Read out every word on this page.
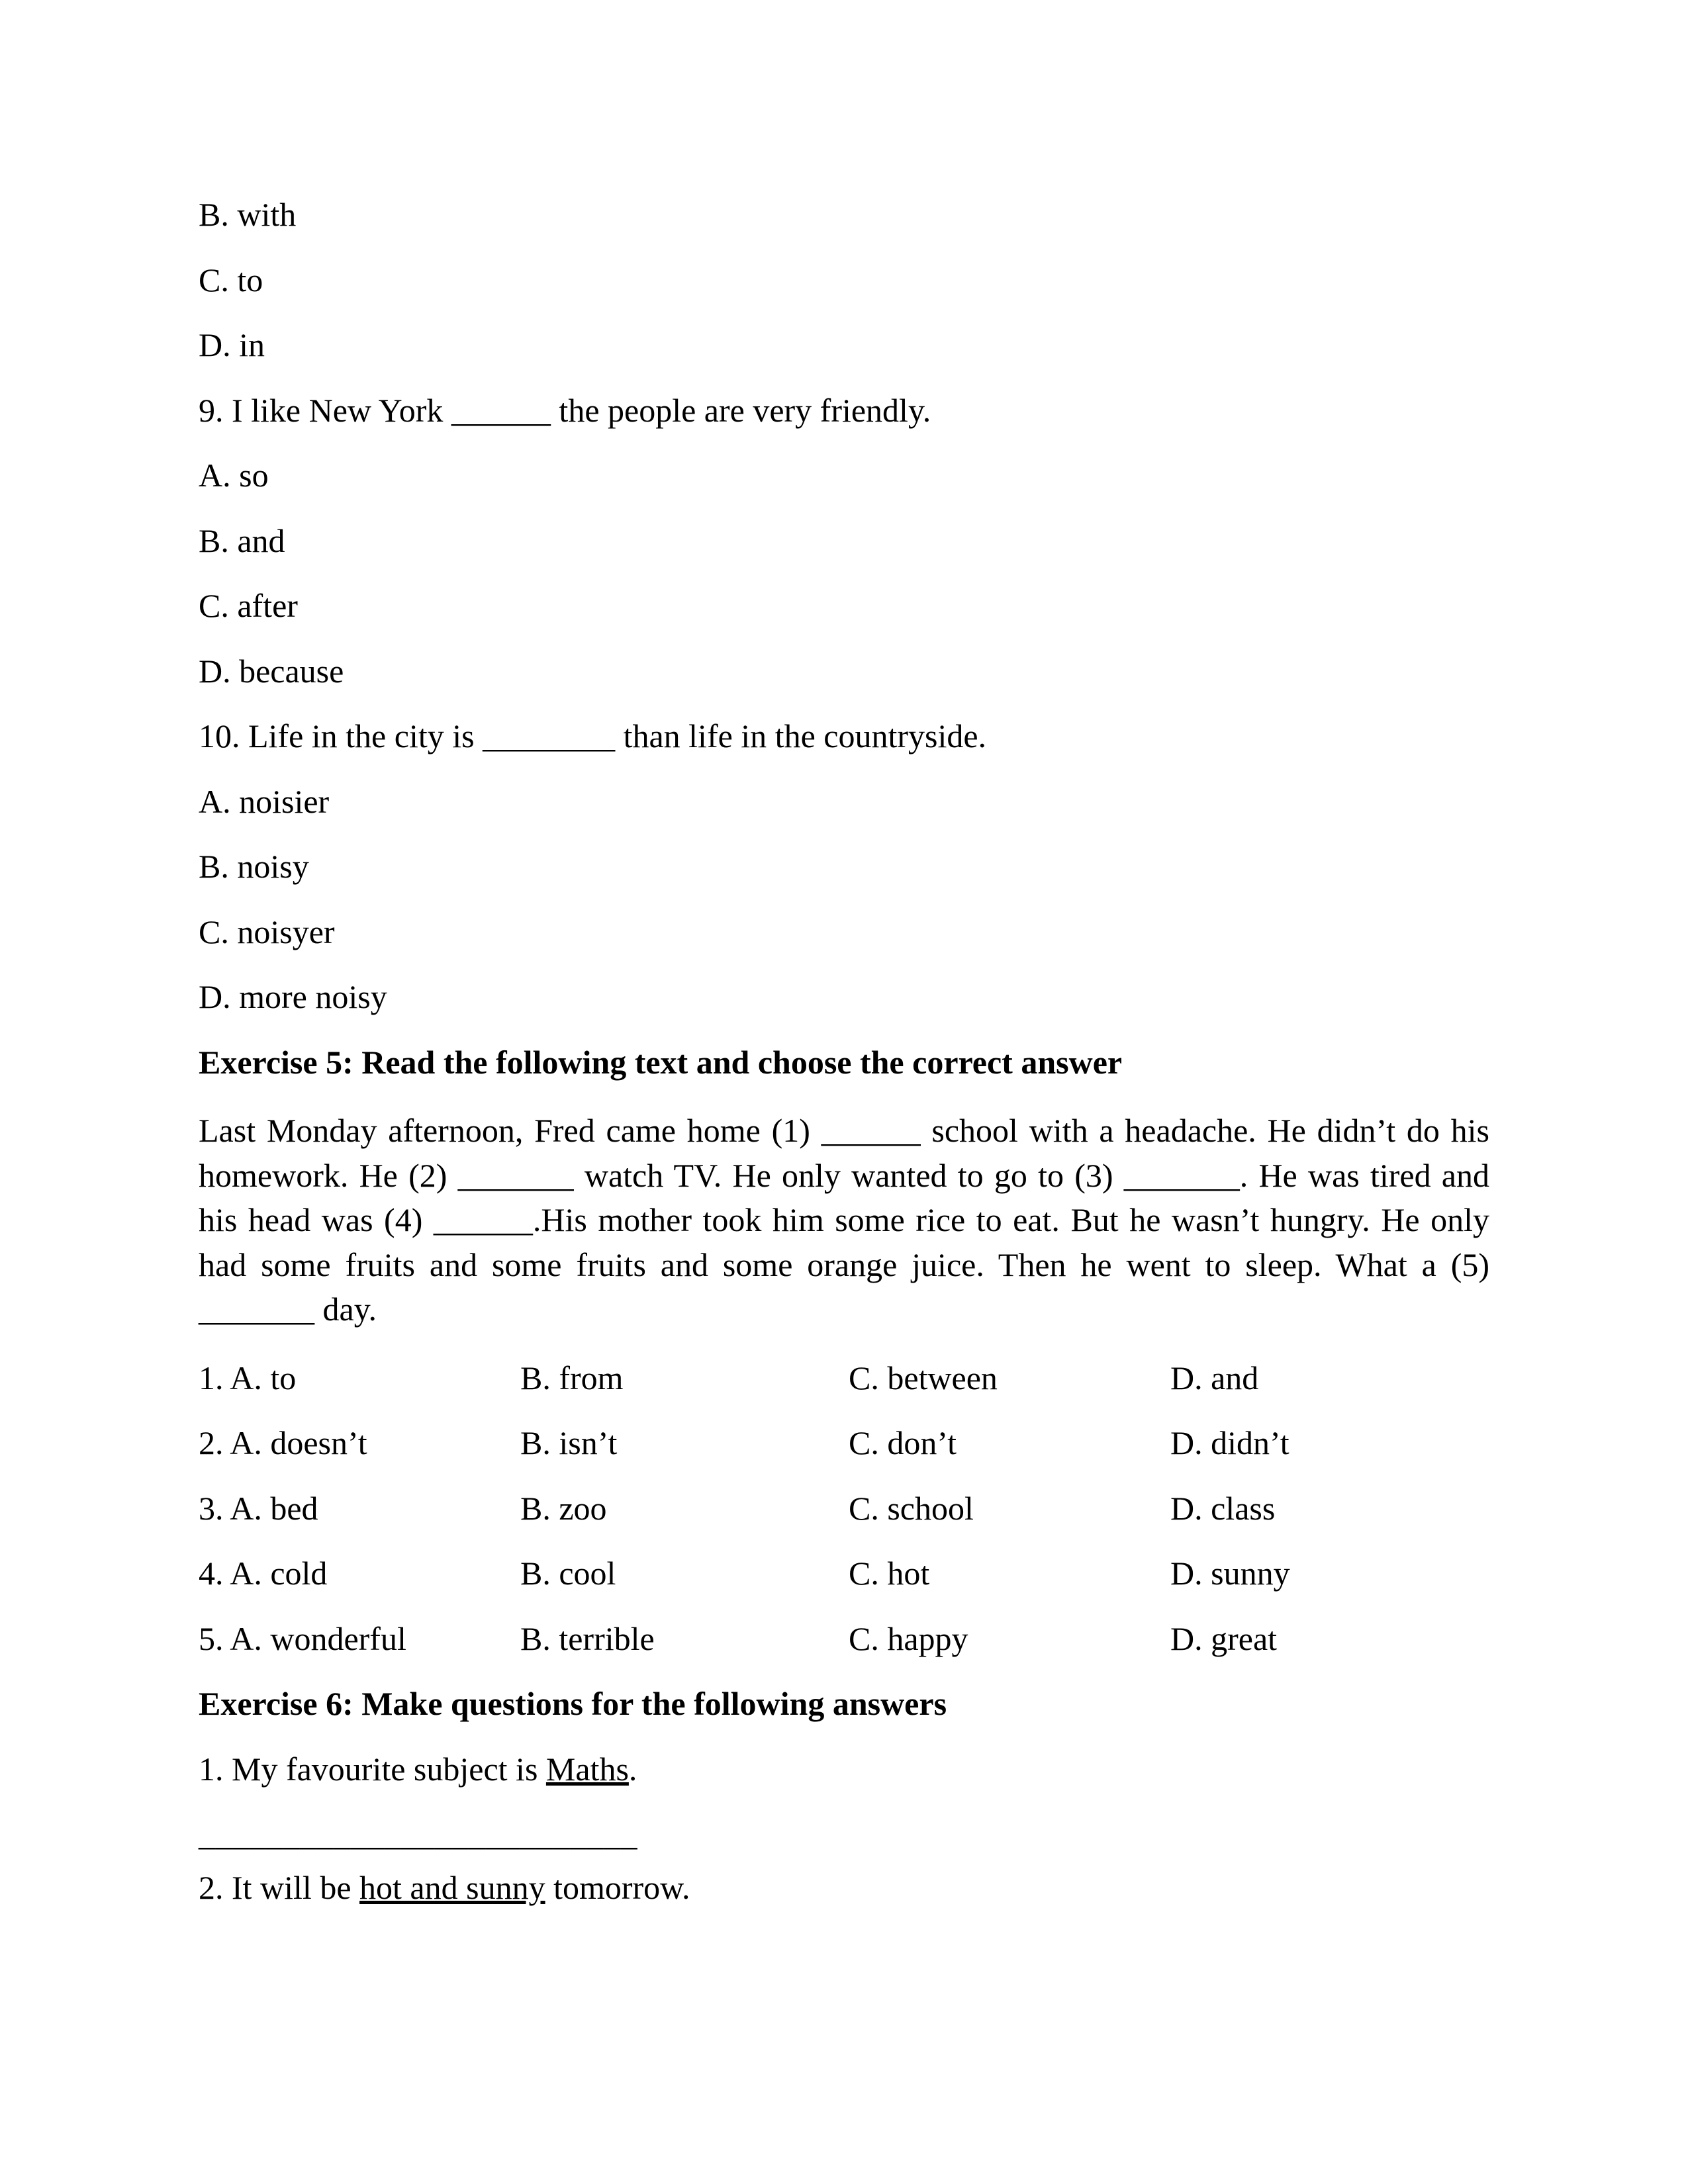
B. with

C. to

D. in

9. I like New York ______ the people are very friendly.

A. so

B. and

C. after

D. because

10. Life in the city is ________ than life in the countryside.

A. noisier

B. noisy

C. noisyer

D. more noisy

Exercise 5: Read the following text and choose the correct answer

Last Monday afternoon, Fred came home (1) ______ school with a headache. He didn’t do his homework. He (2) _______ watch TV. He only wanted to go to (3) _______. He was tired and his head was (4) ______.His mother took him some rice to eat. But he wasn’t hungry. He only had some fruits and some fruits and some orange juice. Then he went to sleep. What a (5) _______ day.

1. A. to	B. from	C. between	D. and
2. A. doesn’t	B. isn’t	C. don’t	D. didn’t
3. A. bed	B. zoo	C. school	D. class
4. A. cold	B. cool	C. hot	D. sunny
5. A. wonderful	B. terrible	C. happy	D. great

Exercise 6: Make questions for the following answers

1. My favourite subject is Maths.

__________________________

2. It will be hot and sunny tomorrow.
